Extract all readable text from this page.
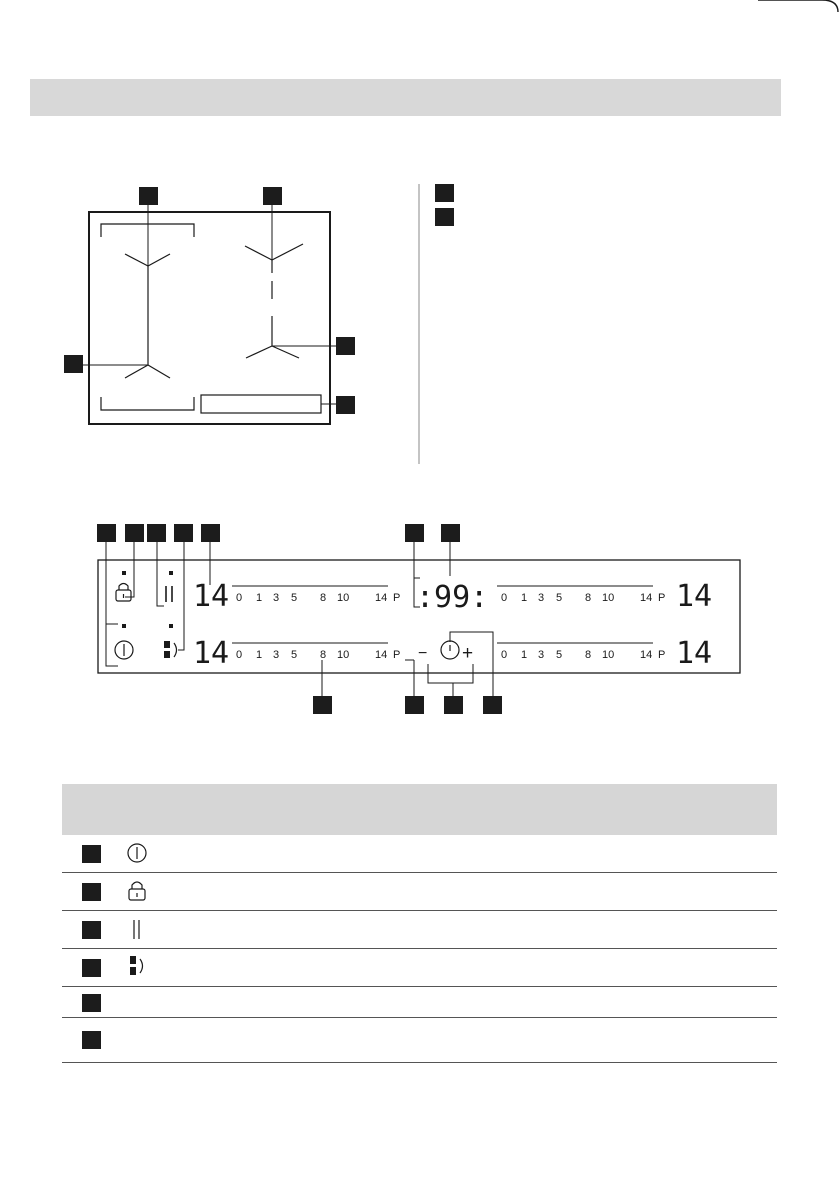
14
14
14
14
:99:
− +
0 1 3 5 8 10 14 P
0 1 3 5 8 10 14 P
0 1 3 5 8 10 14 P
0 1 3 5 8 10 14 P
